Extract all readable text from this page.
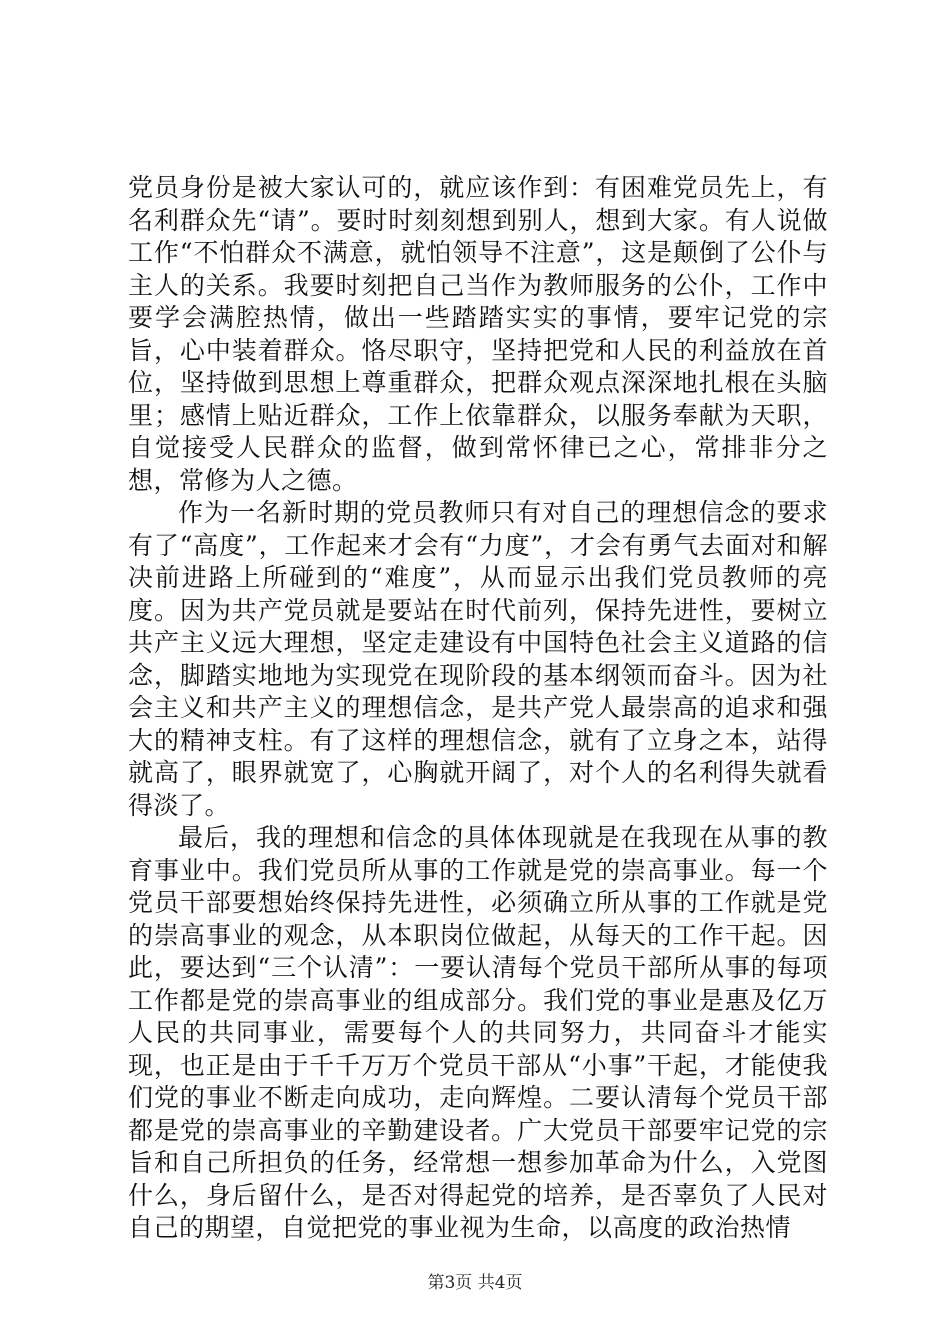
党员身份是被大家认可的，就应该作到：有困难党员先上，有名利群众先“请”。要时时刻刻想到别人，想到大家。有人说做工作“不怕群众不满意，就怕领导不注意”，这是颠倒了公仆与主人的关系。我要时刻把自己当作为教师服务的公仆，工作中要学会满腔热情，做出一些踏踏实实的事情，要牢记党的宗旨，心中装着群众。恪尽职守，坚持把党和人民的利益放在首位，坚持做到思想上尊重群众，把群众观点深深地扎根在头脑里；感情上贴近群众，工作上依靠群众，以服务奉献为天职，自觉接受人民群众的监督，做到常怀律已之心，常排非分之想，常修为人之德。

作为一名新时期的党员教师只有对自己的理想信念的要求有了“高度”，工作起来才会有“力度”，才会有勇气去面对和解决前进路上所碰到的“难度”，从而显示出我们党员教师的亮度。因为共产党员就是要站在时代前列，保持先进性，要树立共产主义远大理想，坚定走建设有中国特色社会主义道路的信念，脚踏实地地为实现党在现阶段的基本纲领而奋斗。因为社会主义和共产主义的理想信念，是共产党人最崇高的追求和强大的精神支柱。有了这样的理想信念，就有了立身之本，站得就高了，眼界就宽了，心胸就开阔了，对个人的名利得失就看得淡了。

最后，我的理想和信念的具体体现就是在我现在从事的教育事业中。我们党员所从事的工作就是党的崇高事业。每一个党员干部要想始终保持先进性，必须确立所从事的工作就是党的崇高事业的观念，从本职岗位做起，从每天的工作干起。因此，要达到“三个认清”：一要认清每个党员干部所从事的每项工作都是党的崇高事业的组成部分。我们党的事业是惠及亿万人民的共同事业，需要每个人的共同努力，共同奋斗才能实现，也正是由于千千万万个党员干部从“小事”干起，才能使我们党的事业不断走向成功，走向辉煌。二要认清每个党员干部都是党的崇高事业的辛勤建设者。广大党员干部要牢记党的宗旨和自己所担负的任务，经常想一想参加革命为什么，入党图什么，身后留什么，是否对得起党的培养，是否辜负了人民对自己的期望，自觉把党的事业视为生命，以高度的政治热情

第3页 共4页
